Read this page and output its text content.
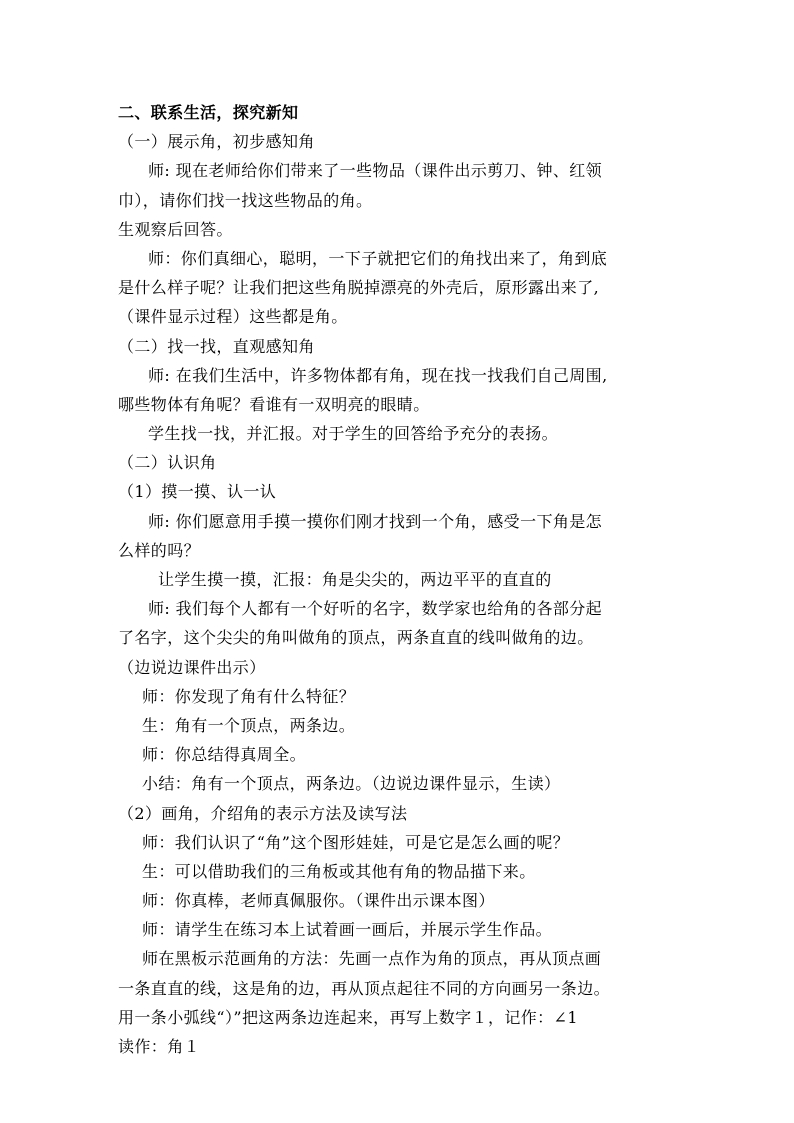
二、联系生活，探究新知
（一）展示角，初步感知角
师: 现在老师给你们带来了一些物品（课件出示剪刀、钟、红领
巾），请你们找一找这些物品的角。
生观察后回答。
师：你们真细心，聪明，一下子就把它们的角找出来了，角到底
是什么样子呢？让我们把这些角脱掉漂亮的外壳后，原形露出来了,
（课件显示过程）这些都是角。
（二）找一找，直观感知角
师: 在我们生活中，许多物体都有角，现在找一找我们自己周围,
哪些物体有角呢？看谁有一双明亮的眼睛。
学生找一找，并汇报。对于学生的回答给予充分的表扬。
（二）认识角
（1）摸一摸、认一认
师: 你们愿意用手摸一摸你们刚才找到一个角，感受一下角是怎
么样的吗？
让学生摸一摸，汇报：角是尖尖的，两边平平的直直的
师: 我们每个人都有一个好听的名字，数学家也给角的各部分起
了名字，这个尖尖的角叫做角的顶点，两条直直的线叫做角的边。
（边说边课件出示）
师：你发现了角有什么特征？
生：角有一个顶点，两条边。
师：你总结得真周全。
小结：角有一个顶点，两条边。（边说边课件显示，生读）
（2）画角，介绍角的表示方法及读写法
师：我们认识了“角”这个图形娃娃，可是它是怎么画的呢？
生：可以借助我们的三角板或其他有角的物品描下来。
师：你真棒，老师真佩服你。（课件出示课本图）
师：请学生在练习本上试着画一画后，并展示学生作品。
师在黑板示范画角的方法：先画一点作为角的顶点，再从顶点画
一条直直的线，这是角的边，再从顶点起往不同的方向画另一条边。
用一条小弧线“）”把这两条边连起来，再写上数字１，记作：∠1
读作：角１
